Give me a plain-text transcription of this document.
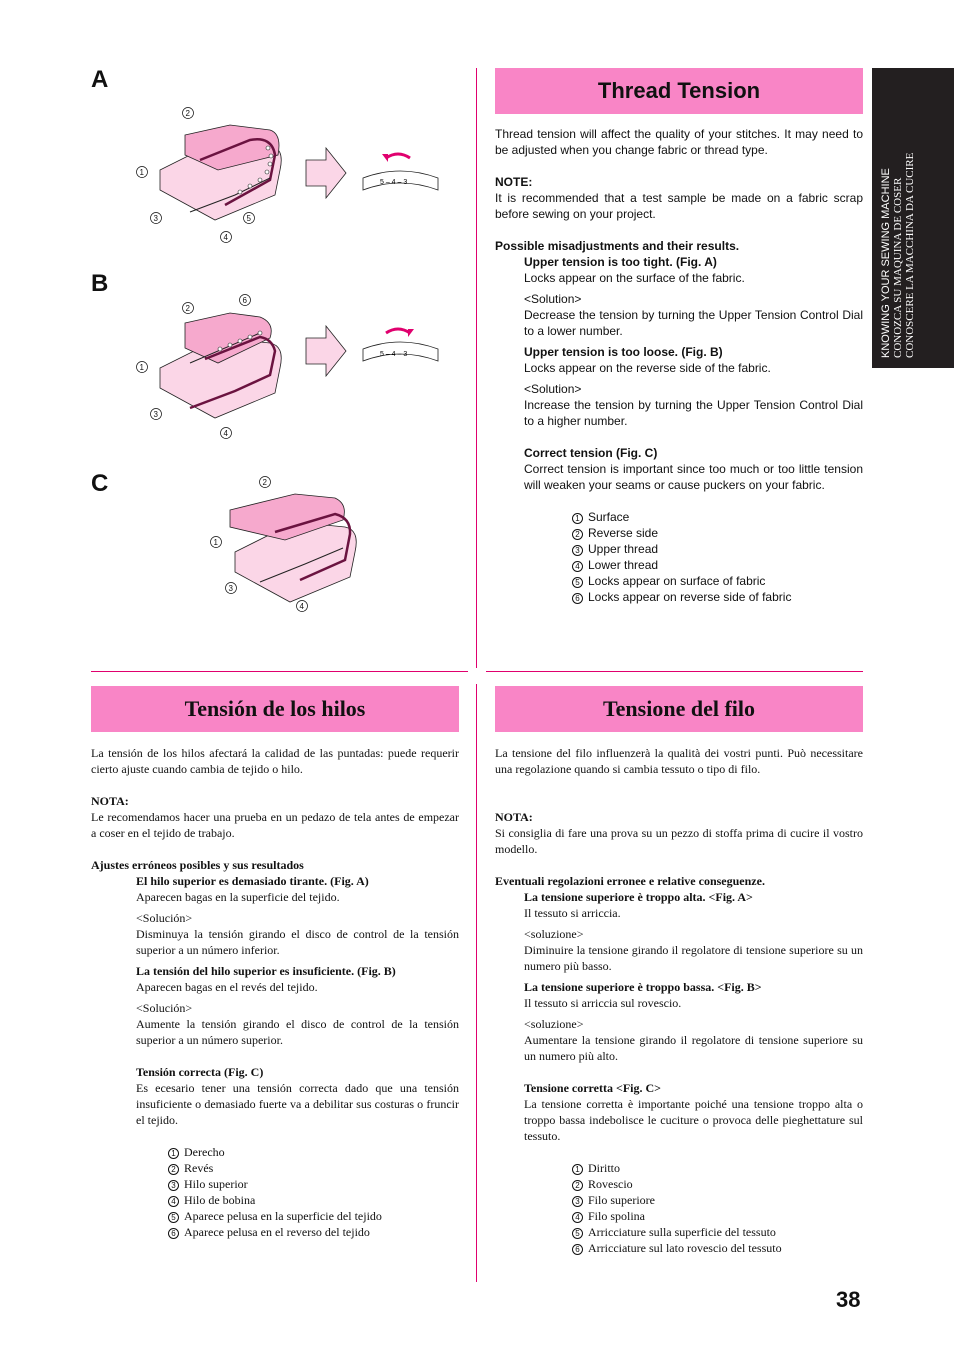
KNOWING YOUR SEWING MACHINE CONOZCA SU MAQUINA DE COSER CONOSCERE LA MACCHINA DA CUCIRE
A
B
C
2
1
3
4
5
5 – 4 – 3
2
6
1
3
4
5 – 4 – 3
2
1
3
4
Thread Tension

Thread tension will affect the quality of your stitches. It may need to be adjusted when you change fabric or thread type.

NOTE:

It is recommended that a test sample be made on a fabric scrap before sewing on your project.

Possible misadjustments and their results.

Upper tension is too tight. (Fig. A)

Locks appear on the surface of the fabric.

<Solution>

Decrease the tension by turning the Upper Tension Control Dial to a lower number.

Upper tension is too loose. (Fig. B)

Locks appear on the reverse side of the fabric.

<Solution>

Increase the tension by turning the Upper Tension Control Dial to a higher number.

Correct tension (Fig. C)

Correct tension is important since too much or too little tension will weaken your seams or cause puckers on your fabric.

1 Surface

2 Reverse side

3 Upper thread

4 Lower thread

5 Locks appear on surface of fabric

6 Locks appear on reverse side of fabric

Tensión de los hilos

La tensión de los hilos afectará la calidad de las puntadas: puede requerir cierto ajuste cuando cambia de tejido o hilo.

NOTA:

Le recomendamos hacer una prueba en un pedazo de tela antes de empezar a coser en el tejido de trabajo.

Ajustes erróneos posibles y sus resultados

El hilo superior es demasiado tirante. (Fig. A)

Aparecen bagas en la superficie del tejido.

<Solución>

Disminuya la tensión girando el disco de control de la tensión superior a un número inferior.

La tensión del hilo superior es insuficiente. (Fig. B)

Aparecen bagas en el revés del tejido.

<Solución>

Aumente la tensión girando el disco de control de la tensión superior a un número superior.

Tensión correcta (Fig. C)

Es ecesario tener una tensión correcta dado que una tensión insuficiente o demasiado fuerte va a debilitar sus costuras o fruncir el tejido.

1 Derecho

2 Revés

3 Hilo superior

4 Hilo de bobina

5 Aparece pelusa en la superficie del tejido

6 Aparece pelusa en el reverso del tejido

Tensione del filo

La tensione del filo influenzerà la qualità dei vostri punti. Può necessitare una regolazione quando si cambia tessuto o tipo di filo.

NOTA:

Si consiglia di fare una prova su un pezzo di stoffa prima di cucire il vostro modello.

Eventuali regolazioni erronee e relative conseguenze.

La tensione superiore è troppo alta. <Fig. A>

Il tessuto si arriccia.

<soluzione>

Diminuire la tensione girando il regolatore di tensione superiore su un numero più basso.

La tensione superiore è troppo bassa. <Fig. B>

Il tessuto si arriccia sul rovescio.

<soluzione>

Aumentare la tensione girando il regolatore di tensione superiore su un numero più alto.

Tensione corretta <Fig. C>

La tensione corretta è importante poiché una tensione troppo alta o troppo bassa indebolisce le cuciture o provoca delle pieghettature sul tessuto.

1 Diritto

2 Rovescio

3 Filo superiore

4 Filo spolina

5 Arricciature sulla superficie del tessuto

6 Arricciature sul lato rovescio del tessuto

38
